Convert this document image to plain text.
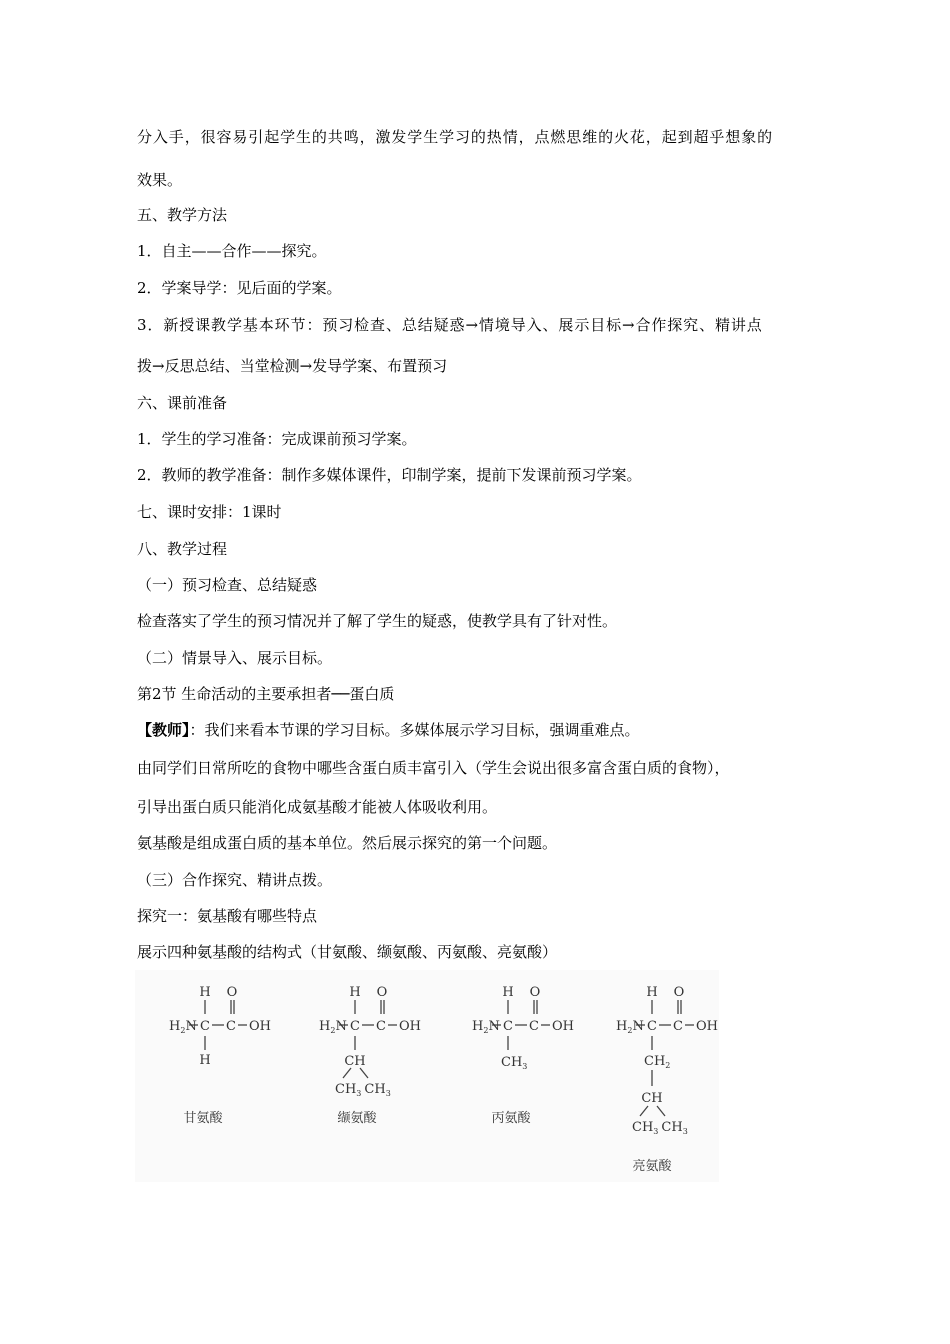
分入手，很容易引起学生的共鸣，激发学生学习的热情，点燃思维的火花，起到超乎想象的
效果。
五、教学方法
1．自主——合作——探究。
2．学案导学：见后面的学案。
3．新授课教学基本环节：预习检查、总结疑惑→情境导入、展示目标→合作探究、精讲点
拨→反思总结、当堂检测→发导学案、布置预习
六、课前准备
1．学生的学习准备：完成课前预习学案。
2．教师的教学准备：制作多媒体课件，印制学案，提前下发课前预习学案。
七、课时安排：1课时
八、教学过程
（一）预习检查、总结疑惑
检查落实了学生的预习情况并了解了学生的疑惑，使教学具有了针对性。
（二）情景导入、展示目标。
第2节 生命活动的主要承担者──蛋白质
【教师】：我们来看本节课的学习目标。多媒体展示学习目标，强调重难点。
由同学们日常所吃的食物中哪些含蛋白质丰富引入（学生会说出很多富含蛋白质的食物），
引导出蛋白质只能消化成氨基酸才能被人体吸收利用。
氨基酸是组成蛋白质的基本单位。然后展示探究的第一个问题。
（三）合作探究、精讲点拨。
探究一：氨基酸有哪些特点
展示四种氨基酸的结构式（甘氨酸、缬氨酸、丙氨酸、亮氨酸）
H O
$H_2N$ C C OH
H
甘氨酸
H O
$H_2N$ C C OH
CH
$CH_3$ $CH_3$
缬氨酸
H O
$H_2N$ C C OH
$CH_3$
丙氨酸
H O
$H_2N$ C C OH
$CH_2$
CH
$CH_3$ $CH_3$
亮氨酸
